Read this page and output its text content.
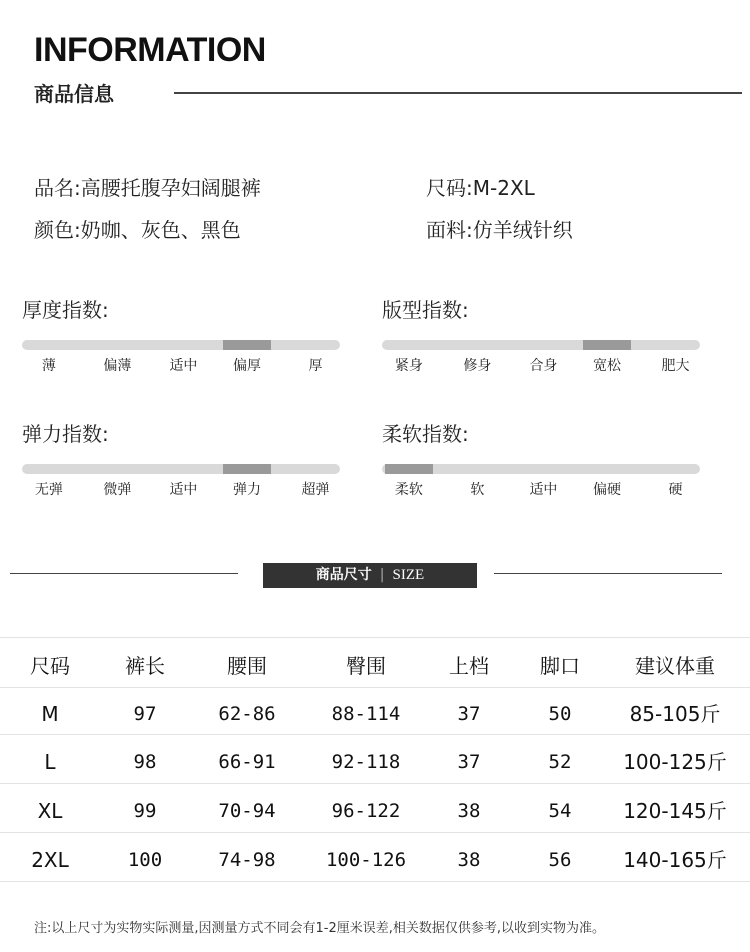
INFORMATION
商品信息
品名:高腰托腹孕妇阔腿裤	尺码:M-2XL
颜色:奶咖、灰色、黑色	面料:仿羊绒针织
厚度指数:
薄	偏薄	适中	偏厚	厚
版型指数:
紧身	修身	合身	宽松	肥大
弹力指数:
无弹	微弹	适中	弹力	超弹
柔软指数:
柔软	软	适中	偏硬	硬
商品尺寸 | SIZE
尺码	裤长	腰围	臀围	上档	脚口	建议体重
M	97	62-86	88-114	37	50	85-105斤
L	98	66-91	92-118	37	52	100-125斤
XL	99	70-94	96-122	38	54	120-145斤
2XL	100	74-98	100-126	38	56	140-165斤
注:以上尺寸为实物实际测量,因测量方式不同会有1-2厘米误差,相关数据仅供参考,以收到实物为准。
